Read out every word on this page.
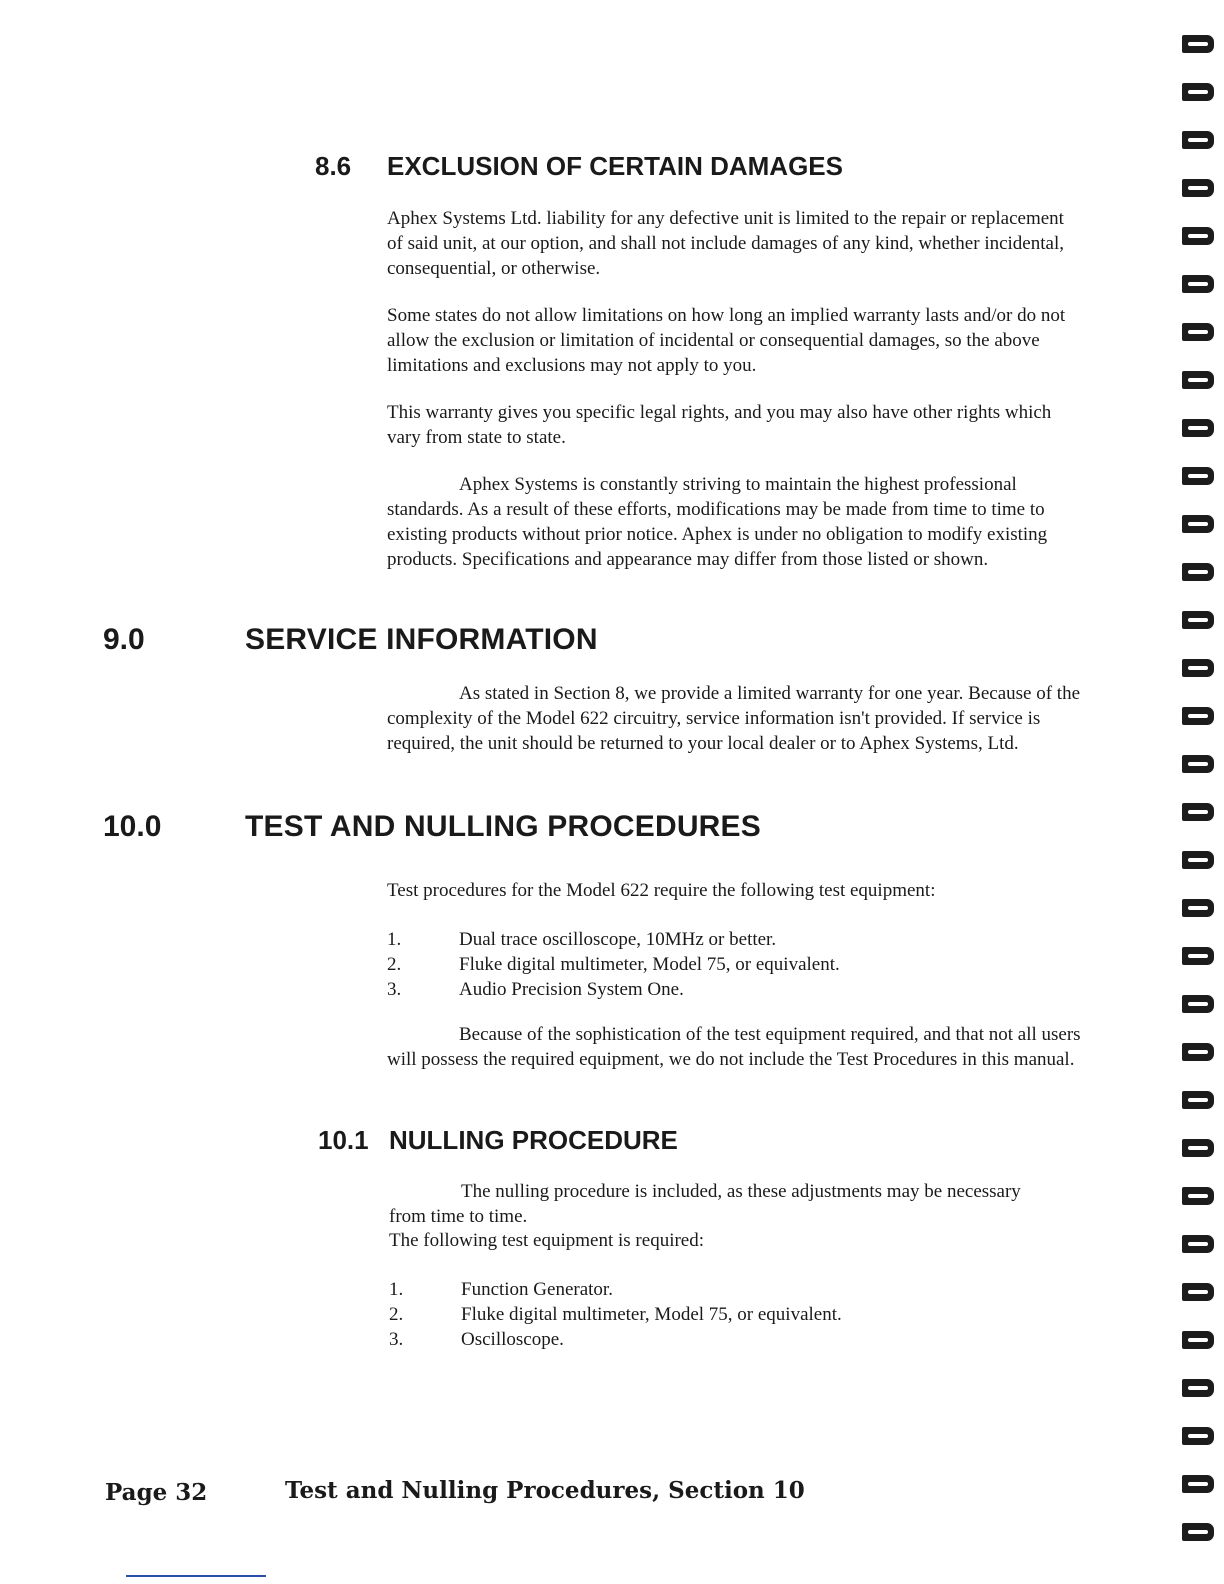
8.6 EXCLUSION OF CERTAIN DAMAGES

Aphex Systems Ltd. liability for any defective unit is limited to the repair or replacement of said unit, at our option, and shall not include damages of any kind, whether incidental, consequential, or otherwise.

Some states do not allow limitations on how long an implied warranty lasts and/or do not allow the exclusion or limitation of incidental or consequential damages, so the above limitations and exclusions may not apply to you.

This warranty gives you specific legal rights, and you may also have other rights which vary from state to state.

Aphex Systems is constantly striving to maintain the highest professional standards. As a result of these efforts, modifications may be made from time to time to existing products without prior notice. Aphex is under no obligation to modify existing products. Specifications and appearance may differ from those listed or shown.

9.0	SERVICE INFORMATION

As stated in Section 8, we provide a limited warranty for one year. Because of the complexity of the Model 622 circuitry, service information isn't provided. If service is required, the unit should be returned to your local dealer or to Aphex Systems, Ltd.

10.0	TEST AND NULLING PROCEDURES

Test procedures for the Model 622 require the following test equipment:

1.	Dual trace oscilloscope, 10MHz or better.
2.	Fluke digital multimeter, Model 75, or equivalent.
3.	Audio Precision System One.

Because of the sophistication of the test equipment required, and that not all users will possess the required equipment, we do not include the Test Procedures in this manual.

10.1 NULLING PROCEDURE

The nulling procedure is included, as these adjustments may be necessary from time to time.

The following test equipment is required:

1.	Function Generator.
2.	Fluke digital multimeter, Model 75, or equivalent.
3.	Oscilloscope.
Page 32	Test and Nulling Procedures, Section 10
